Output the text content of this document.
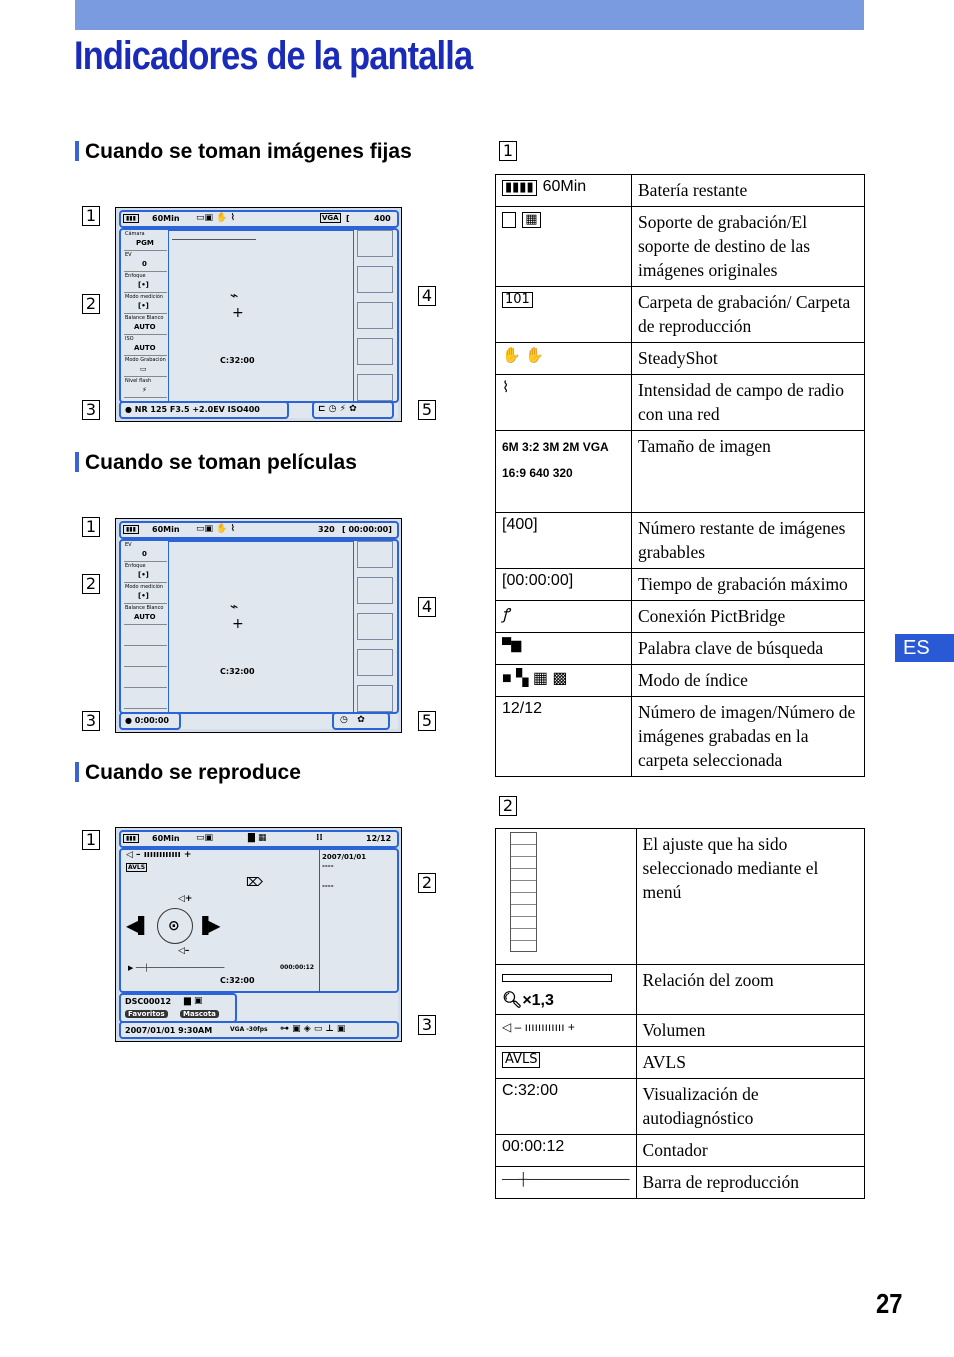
Indicadores de la pantalla
Cuando se toman imágenes fijas
Cuando se toman películas
Cuando se reproduce
1
2
3
4
5
▮▮▮	60Min ▭▣ ✋ ⌇	VGA [	400
Cámara
PGM
EV
0
Enfoque
[•]
Modo medición
[•]
Balance Blanco
AUTO
ISO
AUTO
Modo Grabación
▭
Nivel flash
⚡
⌁
+
C:32:00
● NR 125 F3.5 +2.0EV ISO400	⊏ ◷ ⚡ ✿
1
2
3
4
5
▮▮▮	60Min ▭▣ ✋ ⌇	320 [ 00:00:00]
EV
0
Enfoque
[•]
Modo medición
[•]
Balance Blanco
AUTO
⌁
+
C:32:00
● 0:00:00	◷   ✿
1
2
3
▮▮▮	60Min ▭▣	▇ ▦	⁞⁞	12/12
◁ – ıııııııııııı +
AVLS
2007/01/01
----
----
⌦
◁+
◀▌ ⊙ ▐▶
◁–
▶ ──┼──────────────────	000:00:12
C:32:00
DSC00012 ▆ ▣
Favoritos	Mascota
2007/01/01 9:30AM	VGA -30fps ⊶ ▣ ◈ ▭ ⊥ ▣
1
▮▮▮▮ 60Min	Batería restante
▦	Soporte de grabación/El soporte de destino de las imágenes originales
101	Carpeta de grabación/ Carpeta de reproducción
✋ ✋	SteadyShot
⌇	Intensidad de campo de radio con una red
6M 3:2 3M 2M VGA 16:9 640 320	Tamaño de imagen
[400]	Número restante de imágenes grabables
[00:00:00]	Tiempo de grabación máximo
ꝭ	Conexión PictBridge
▀▆	Palabra clave de búsqueda
■ ▚ ▦ ▩	Modo de índice
12/12	Número de imagen/Número de imágenes grabadas en la carpeta seleccionada
2
	El ajuste que ha sido seleccionado mediante el menú

🔍︎×1,3	Relación del zoom
◁ – ıııııııııııı +	Volumen
AVLS	AVLS
C:32:00	Visualización de autodiagnóstico
00:00:12	Contador
──┼────────────	Barra de reproducción
ES
27
